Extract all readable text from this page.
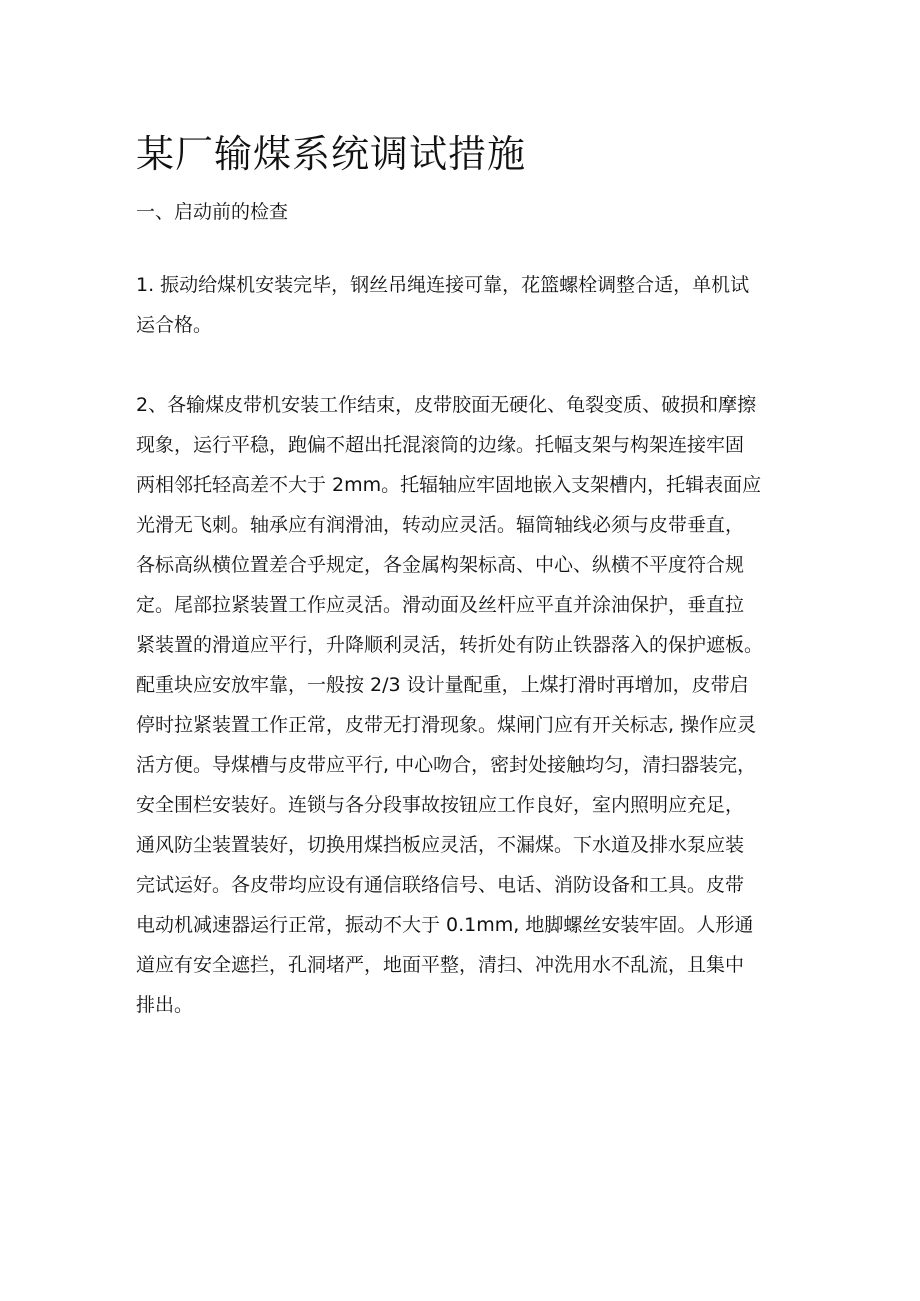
某厂输煤系统调试措施
一、启动前的检查

1. 振动给煤机安装完毕，钢丝吊绳连接可靠，花篮螺栓调整合适，单机试
运合格。

2、各输煤皮带机安装工作结束，皮带胶面无硬化、龟裂变质、破损和摩擦
现象，运行平稳，跑偏不超出托混滚筒的边缘。托幅支架与构架连接牢固
两相邻托轻高差不大于 2mm。托辐轴应牢固地嵌入支架槽内，托辑表面应
光滑无飞刺。轴承应有润滑油，转动应灵活。辐筒轴线必须与皮带垂直，
各标高纵横位置差合乎规定，各金属构架标高、中心、纵横不平度符合规
定。尾部拉紧装置工作应灵活。滑动面及丝杆应平直并涂油保护，垂直拉
紧装置的滑道应平行，升降顺利灵活，转折处有防止铁器落入的保护遮板。
配重块应安放牢靠，一般按 2/3 设计量配重，上煤打滑时再增加，皮带启
停时拉紧装置工作正常，皮带无打滑现象。煤闸门应有开关标志, 操作应灵
活方便。导煤槽与皮带应平行, 中心吻合，密封处接触均匀，清扫器装完，
安全围栏安装好。连锁与各分段事故按钮应工作良好，室内照明应充足，
通风防尘装置装好，切换用煤挡板应灵活，不漏煤。下水道及排水泵应装
完试运好。各皮带均应设有通信联络信号、电话、消防设备和工具。皮带
电动机减速器运行正常，振动不大于 0.1mm, 地脚螺丝安装牢固。人形通
道应有安全遮拦，孔洞堵严，地面平整，清扫、冲洗用水不乱流，且集中
排出。
